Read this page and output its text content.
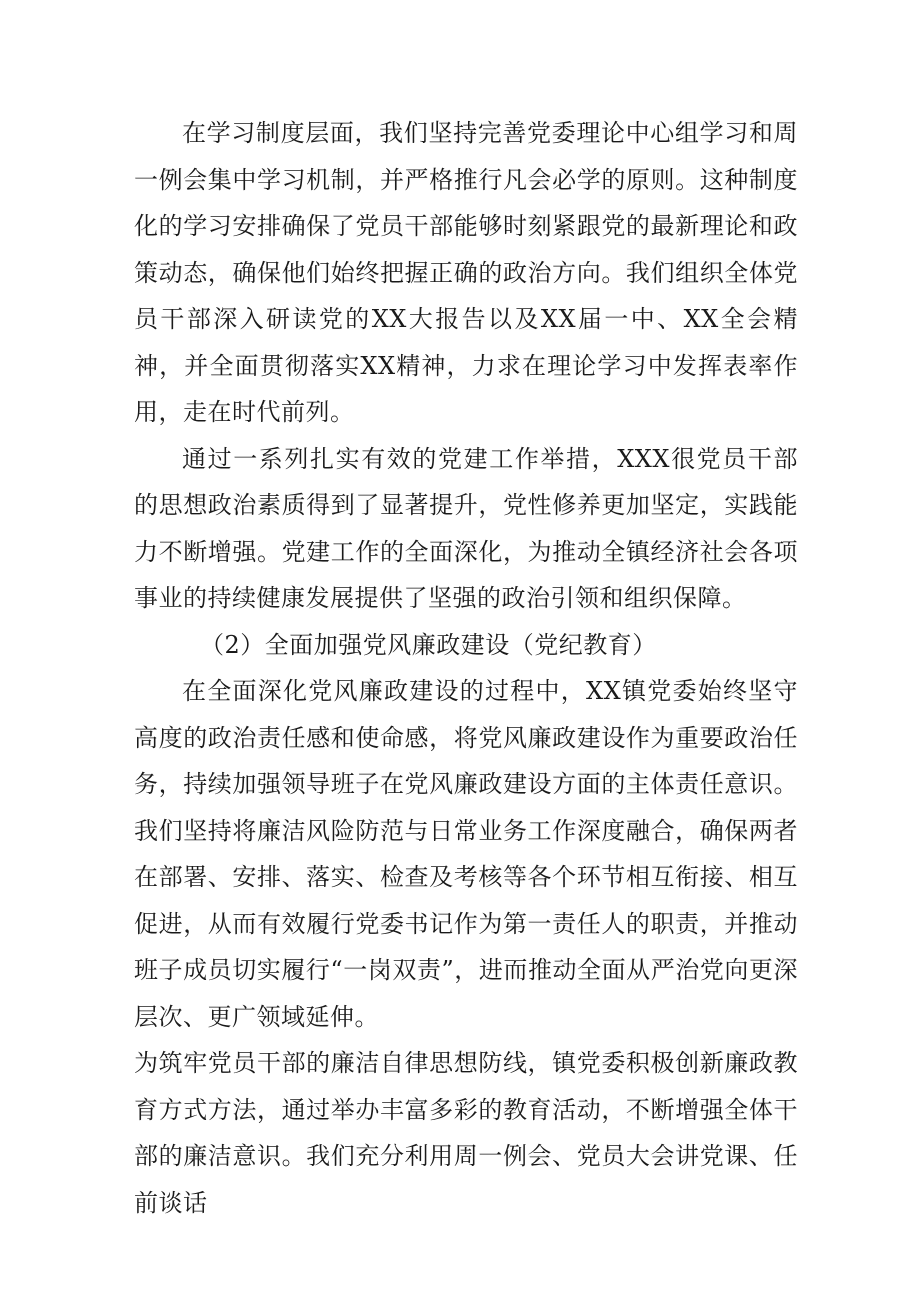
在学习制度层面，我们坚持完善党委理论中心组学习和周一例会集中学习机制，并严格推行凡会必学的原则。这种制度化的学习安排确保了党员干部能够时刻紧跟党的最新理论和政策动态，确保他们始终把握正确的政治方向。我们组织全体党员干部深入研读党的XX大报告以及XX届一中、XX全会精神，并全面贯彻落实XX精神，力求在理论学习中发挥表率作用，走在时代前列。

通过一系列扎实有效的党建工作举措，XXX很党员干部的思想政治素质得到了显著提升，党性修养更加坚定，实践能力不断增强。党建工作的全面深化，为推动全镇经济社会各项事业的持续健康发展提供了坚强的政治引领和组织保障。

（2）全面加强党风廉政建设（党纪教育）

在全面深化党风廉政建设的过程中，XX镇党委始终坚守高度的政治责任感和使命感，将党风廉政建设作为重要政治任务，持续加强领导班子在党风廉政建设方面的主体责任意识。我们坚持将廉洁风险防范与日常业务工作深度融合，确保两者在部署、安排、落实、检查及考核等各个环节相互衔接、相互促进，从而有效履行党委书记作为第一责任人的职责，并推动班子成员切实履行“一岗双责”，进而推动全面从严治党向更深层次、更广领域延伸。

为筑牢党员干部的廉洁自律思想防线，镇党委积极创新廉政教育方式方法，通过举办丰富多彩的教育活动，不断增强全体干部的廉洁意识。我们充分利用周一例会、党员大会讲党课、任前谈话
